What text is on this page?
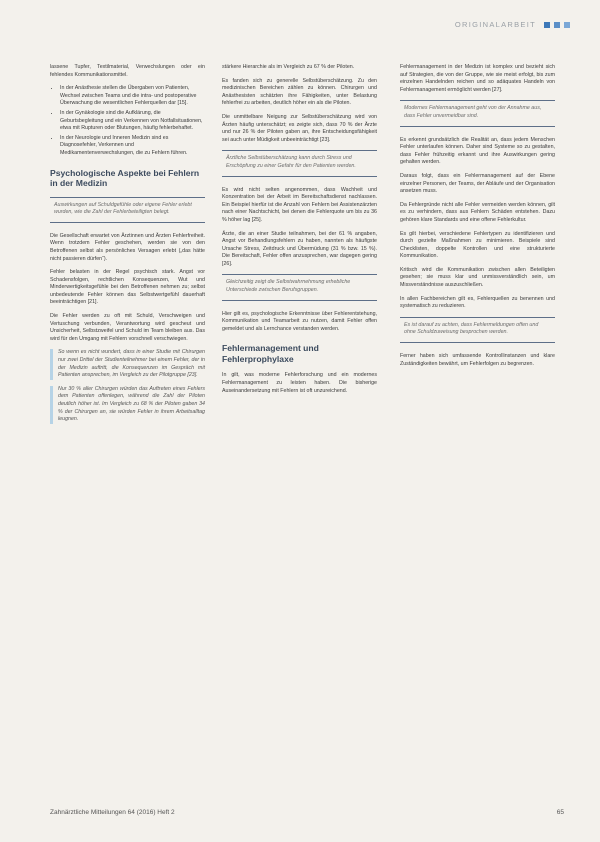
ORIGINALARBEIT

lassene Tupfer, Textilmaterial, Verwechslungen oder ein fehlendes Kommunikationsmittel.

• In der Anästhesie stellen die Übergaben von Patienten, Wechsel zwischen Teams und die intra- und postoperative Überwachung die wesentlichen Fehlerquellen dar [15].
• In der Gynäkologie sind die Aufklärung, die Geburtsbegleitung und ein Verkennen von Notfallsituationen, etwa mit Rupturen oder Blutungen, häufig fehlerbehaftet.
• In der Neurologie und Inneren Medizin sind es Diagnosefehler, Verkennen und Medikamentenverwechslungen, die zu Fehlern führen.
Psychologische Aspekte bei Fehlern in der Medizin
Auswirkungen auf Schuldgefühle oder eigene Fehler erlebt wurden, wie die Zahl der Fehlerbeteiligten belegt.

Die Gesellschaft erwartet von Ärztinnen und Ärzten Fehlerfreiheit. Wenn trotzdem Fehler geschehen, werden sie von den Betroffenen selbst als persönliches Versagen erlebt („das hätte nicht passieren dürfen“).

Fehler belasten in der Regel psychisch stark. Angst vor Schadensfolgen, rechtlichen Konsequenzen, Wut und Minderwertigkeitsgefühle bei den Betroffenen nehmen zu; selbst unbedeutende Fehler können das Selbstwertgefühl dauerhaft beeinträchtigen [21].

Die Fehler werden zu oft mit Schuld, Verschweigen und Vertuschung verbunden, Verantwortung wird gescheut und Unsicherheit, Selbstzweifel und Schuld im Team bleiben aus. Das wird für den Umgang mit Fehlern vorschnell verschwiegen.

So wenn es nicht wundert, dass in einer Studie mit Chirurgen nur zwei Drittel der Studienteilnehmer bei einem Fehler, der in der Medizin auftritt, die Konsequenzen im Gespräch mit Patienten ansprechen, im Vergleich zu der Pilotgruppe [23].

Nur 30 % aller Chirurgen würden das Auftreten eines Fehlers dem Patienten offenlegen, während die Zahl der Piloten deutlich höher ist. Im Vergleich zu 68 % der Piloten gaben 34 % der Chirurgen an, sie würden Fehler in ihrem Arbeitsalltag leugnen.

stärkere Hierarchie als im Vergleich zu 67 % der Piloten.

Es fanden sich zu generelle Selbstüberschätzung. Zu den medizinischen Bereichen zählen zu können. Chirurgen und Anästhesisten schätzten ihre Fähigkeiten, unter Belastung fehlerfrei zu arbeiten, deutlich höher ein als die Piloten.

Die unmittelbare Neigung zur Selbstüberschätzung wird von Ärzten häufig unterschätzt; es zeigte sich, dass 70 % der Ärzte und nur 26 % der Piloten gaben an, ihre Entscheidungsfähigkeit sei auch unter Müdigkeit unbeeinträchtigt [23].

Ärztliche Selbstüberschätzung kann durch Stress und Erschöpfung zu einer Gefahr für den Patienten werden.

Es wird nicht selten angenommen, dass Wachheit und Konzentration bei der Arbeit im Bereitschaftsdienst nachlassen. Ein Beispiel hierfür ist die Anzahl von Fehlern bei Assistenzärzten nach einer Nachtschicht, bei denen die Fehlerquote um bis zu 36 % höher lag [25].

Ärzte, die an einer Studie teilnahmen, bei der 61 % angaben, Angst vor Behandlungsfehlern zu haben, nannten als häufigste Ursache Stress, Zeitdruck und Übermüdung (31 % bzw. 15 %). Die Bereitschaft, Fehler offen anzusprechen, war dagegen gering [26].

Gleichzeitig zeigt die Selbstwahrnehmung erhebliche Unterschiede zwischen Berufsgruppen.

Hier gilt es, psychologische Erkenntnisse über Fehlerentstehung, Kommunikation und Teamarbeit zu nutzen, damit Fehler offen gemeldet und als Lernchance verstanden werden.

Fehlermanagement und Fehlerprophylaxe

In gilt, was moderne Fehlerforschung und ein modernes Fehlermanagement zu leisten haben. Die bisherige Auseinandersetzung mit Fehlern ist oft unzureichend.

Fehlermanagement in der Medizin ist komplex und bezieht sich auf Strategien, die von der Gruppe, wie sie meist erfolgt, bis zum einzelnen Handelnden reichen und so adäquates Handeln von Fehlermanagement ermöglicht werden [27].

Modernes Fehlermanagement geht von der Annahme aus, dass Fehler unvermeidbar sind.

Es erkennt grundsätzlich die Realität an, dass jedem Menschen Fehler unterlaufen können. Daher sind Systeme so zu gestalten, dass Fehler frühzeitig erkannt und ihre Auswirkungen gering gehalten werden.

Daraus folgt, dass ein Fehlermanagement auf der Ebene einzelner Personen, der Teams, der Abläufe und der Organisation ansetzen muss.

Da Fehlergründe nicht alle Fehler vermeiden werden können, gilt es zu verhindern, dass aus Fehlern Schäden entstehen. Dazu gehören klare Standards und eine offene Fehlerkultur.

Es gilt hierbei, verschiedene Fehlertypen zu identifizieren und durch gezielte Maßnahmen zu minimieren. Beispiele sind Checklisten, doppelte Kontrollen und eine strukturierte Kommunikation.

Kritisch wird die Kommunikation zwischen allen Beteiligten gesehen; sie muss klar und unmissverständlich sein, um Missverständnisse auszuschließen.

In allen Fachbereichen gilt es, Fehlerquellen zu benennen und systematisch zu reduzieren.

Es ist darauf zu achten, dass Fehlermeldungen offen und ohne Schuldzuweisung besprochen werden.

Ferner haben sich umfassende Kontrollinstanzen und klare Zuständigkeiten bewährt, um Fehlerfolgen zu begrenzen.

Zahnärztliche Mitteilungen 64 (2016) Heft 2	65
